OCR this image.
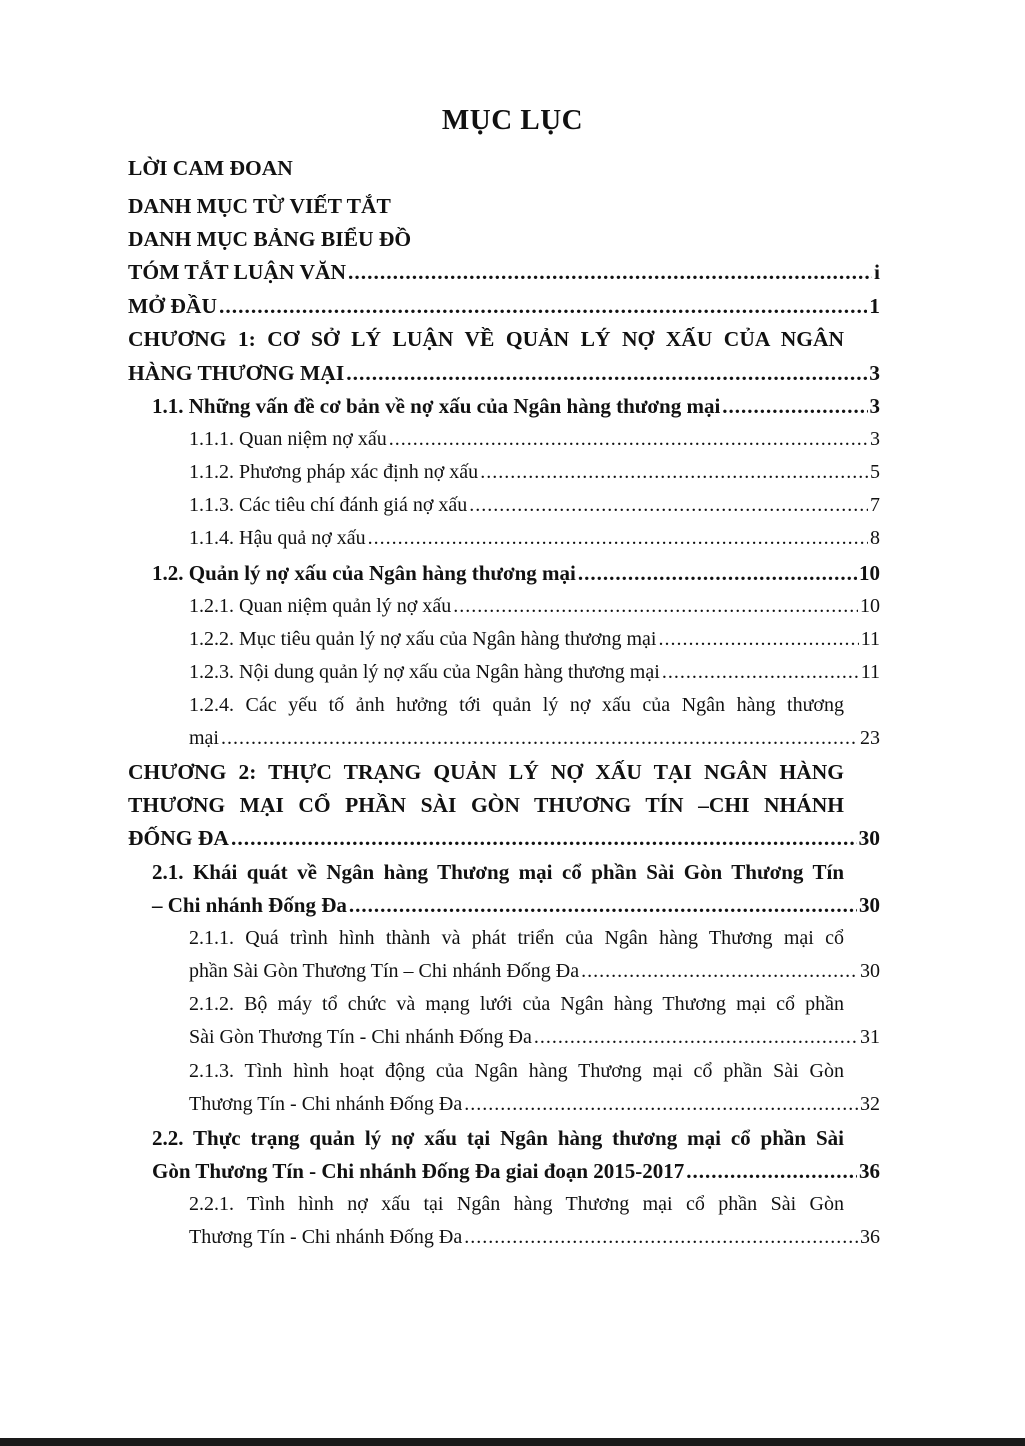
MỤC LỤC
LỜI CAM ĐOAN
DANH MỤC TỪ VIẾT TẮT
DANH MỤC BẢNG BIỂU ĐỒ
TÓM TẮT LUẬN VĂN .....	i
MỞ ĐẦU .....	1
CHƯƠNG 1: CƠ SỞ LÝ LUẬN VỀ QUẢN LÝ NỢ XẤU CỦA NGÂN
HÀNG THƯƠNG MẠI .....	3
1.1. Những vấn đề cơ bản về nợ xấu của Ngân hàng thương mại .....	3
1.1.1. Quan niệm nợ xấu .....	3
1.1.2. Phương pháp xác định nợ xấu .....	5
1.1.3. Các tiêu chí đánh giá nợ xấu .....	7
1.1.4. Hậu quả nợ xấu .....	8
1.2. Quản lý nợ xấu của Ngân hàng thương mại .....	10
1.2.1. Quan niệm quản lý nợ xấu .....	10
1.2.2. Mục tiêu quản lý nợ xấu của Ngân hàng thương mại .....	11
1.2.3. Nội dung quản lý nợ xấu của Ngân hàng thương mại .....	11
1.2.4. Các yếu tố ảnh hưởng tới quản lý nợ xấu của Ngân hàng thương
mại .....	23
CHƯƠNG 2: THỰC TRẠNG QUẢN LÝ NỢ XẤU TẠI NGÂN HÀNG
THƯƠNG MẠI CỔ PHẦN SÀI GÒN THƯƠNG TÍN –CHI NHÁNH
ĐỐNG ĐA .....	30
2.1. Khái quát về Ngân hàng Thương mại cổ phần Sài Gòn Thương Tín
– Chi nhánh Đống Đa .....	30
2.1.1. Quá trình hình thành và phát triển của Ngân hàng Thương mại cổ
phần Sài Gòn Thương Tín – Chi nhánh Đống Đa .....	30
2.1.2. Bộ máy tổ chức và mạng lưới của Ngân hàng Thương mại cổ phần
Sài Gòn Thương Tín - Chi nhánh Đống Đa .....	31
2.1.3. Tình hình hoạt động của Ngân hàng Thương mại cổ phần Sài Gòn
Thương Tín - Chi nhánh Đống Đa .....	32
2.2. Thực trạng quản lý nợ xấu tại Ngân hàng thương mại cổ phần Sài
Gòn Thương Tín - Chi nhánh Đống Đa giai đoạn 2015-2017 .....	36
2.2.1. Tình hình nợ xấu tại Ngân hàng Thương mại cổ phần Sài Gòn
Thương Tín - Chi nhánh Đống Đa .....	36
